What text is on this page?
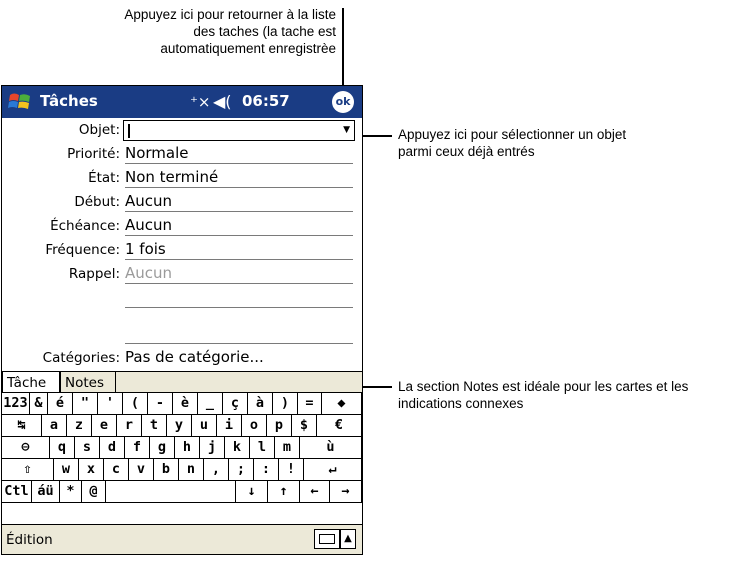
Appuyez ici pour retourner à la liste
des taches (la tache est
automatiquement enregistrèe
Appuyez ici pour sélectionner un objet
parmi ceux déjà entrés
La section Notes est idéale pour les cartes et les
indications connexes
Tâches	⁺× ◀( 06:57	ok
Objet:	▼
Priorité: Normale
État: Non terminé
Début: Aucun
Échéance: Aucun
Fréquence: 1 fois
Rappel: Aucun
Catégories: Pas de catégorie...
Tâche	Notes
123 & é	"	'	(	-	è	_	ç	à	)	=	◆
↹	a	z	e	r	t	y	u	i	o	p	$	€
⊖	q	s	d	f	g	h	j	k	l	m	ù
⇧	w	x	c	v	b	n	,	;	:	!	↵
Ctl áü *	@	↓	↑	←	→
Édition	▲
